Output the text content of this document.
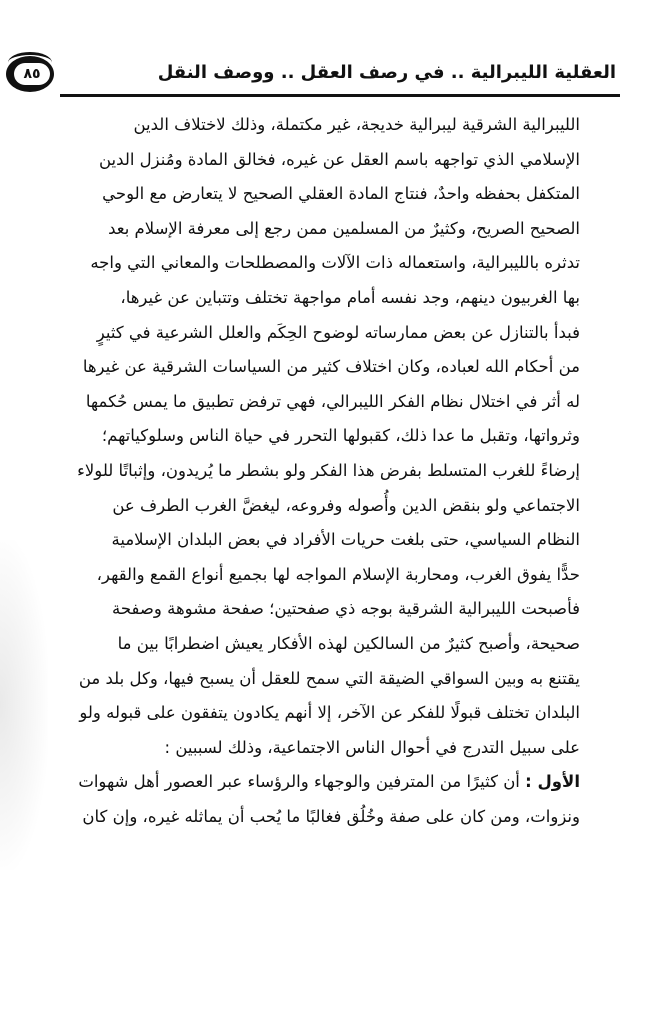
العقلية الليبرالية .. في رصف العقل .. ووصف النقل
٨٥
الليبرالية الشرقية ليبرالية خديجة، غير مكتملة، وذلك لاختلاف الدين
الإسلامي الذي تواجهه باسم العقل عن غيره، فخالق المادة ومُنزل الدين
المتكفل بحفظه واحدٌ، فنتاج المادة العقلي الصحيح لا يتعارض مع الوحي
الصحيح الصريح، وكثيرٌ من المسلمين ممن رجع إلى معرفة الإسلام بعد
تدثره بالليبرالية، واستعماله ذات الآلات والمصطلحات والمعاني التي واجه
بها الغربيون دينهم، وجد نفسه أمام مواجهة تختلف وتتباين عن غيرها،
فبدأ بالتنازل عن بعض ممارساته لوضوح الحِكَم والعلل الشرعية في كثيرٍ
من أحكام الله لعباده، وكان اختلاف كثير من السياسات الشرقية عن غيرها
له أثر في اختلال نظام الفكر الليبرالي، فهي ترفض تطبيق ما يمس حُكمها
وثرواتها، وتقبل ما عدا ذلك، كقبولها التحرر في حياة الناس وسلوكياتهم؛
إرضاءً للغرب المتسلط بفرض هذا الفكر ولو بشطر ما يُريدون، وإثباتًا للولاء
الاجتماعي ولو بنقض الدين وأُصوله وفروعه، ليغضَّ الغرب الطرف عن
النظام السياسي، حتى بلغت حريات الأفراد في بعض البلدان الإسلامية
حدًّا يفوق الغرب، ومحاربة الإسلام المواجه لها بجميع أنواع القمع والقهر،
فأصبحت الليبرالية الشرقية بوجه ذي صفحتين؛ صفحة مشوهة وصفحة
صحيحة، وأصبح كثيرٌ من السالكين لهذه الأفكار يعيش اضطرابًا بين ما
يقتنع به وبين السواقي الضيقة التي سمح للعقل أن يسبح فيها، وكل بلد من
البلدان تختلف قبولًا للفكر عن الآخر، إلا أنهم يكادون يتفقون على قبوله ولو
على سبيل التدرج في أحوال الناس الاجتماعية، وذلك لسببين :
الأول : أن كثيرًا من المترفين والوجهاء والرؤساء عبر العصور أهل شهوات
ونزوات، ومن كان على صفة وخُلُق فغالبًا ما يُحب أن يماثله غيره، وإن كان
